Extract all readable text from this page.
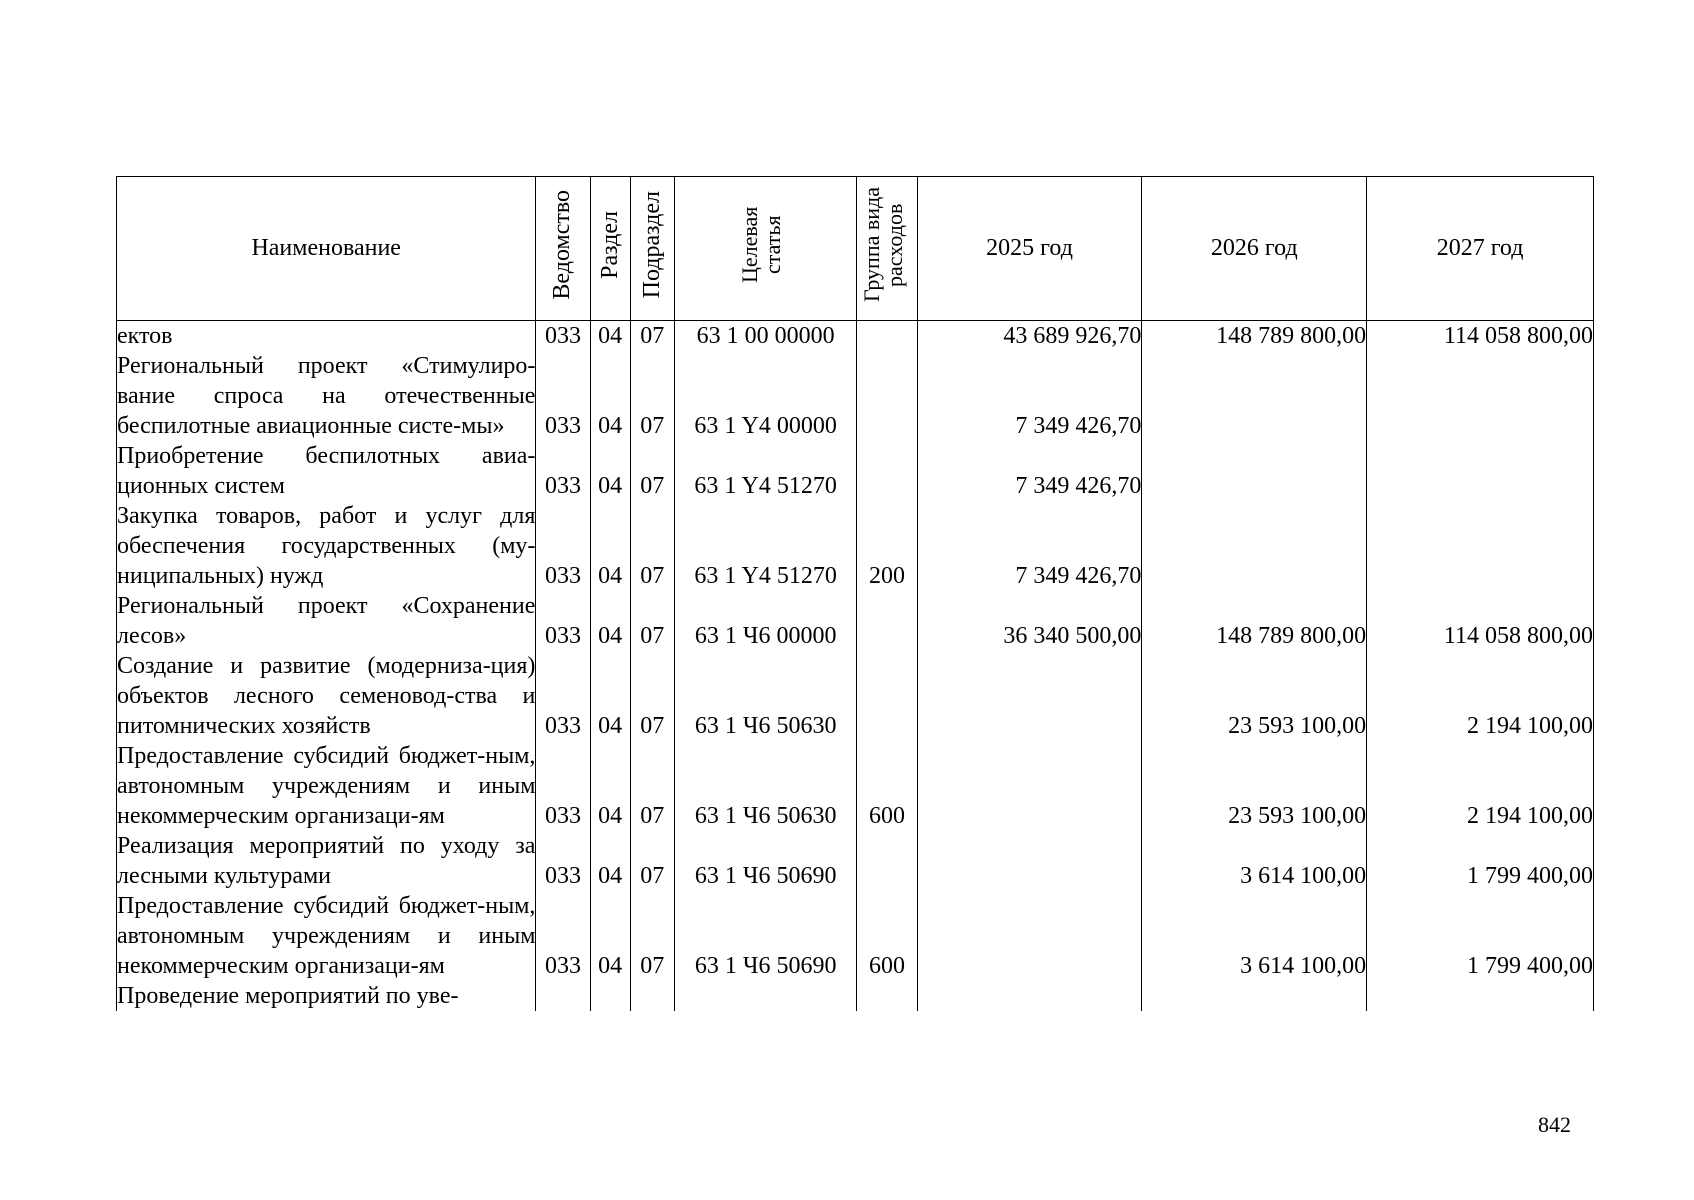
Наименование	Ведомство	Раздел	Подраздел	Целевая статья	Группа вида расходов	2025 год	2026 год	2027 год
ектов	033	04	07	63 1 00 00000		43 689 926,70	148 789 800,00	114 058 800,00
Региональный проект «Стимулиро-вание спроса на отечественные беспилотные авиационные систе-мы»	033	04	07	63 1 Y4 00000		7 349 426,70		
Приобретение беспилотных авиа-ционных систем	033	04	07	63 1 Y4 51270		7 349 426,70		
Закупка товаров, работ и услуг для обеспечения государственных (му-ниципальных) нужд	033	04	07	63 1 Y4 51270	200	7 349 426,70		
Региональный проект «Сохранение лесов»	033	04	07	63 1 Ч6 00000		36 340 500,00	148 789 800,00	114 058 800,00
Создание и развитие (модерниза-ция) объектов лесного семеновод-ства и питомнических хозяйств	033	04	07	63 1 Ч6 50630			23 593 100,00	2 194 100,00
Предоставление субсидий бюджет-ным, автономным учреждениям и иным некоммерческим организаци-ям	033	04	07	63 1 Ч6 50630	600		23 593 100,00	2 194 100,00
Реализация мероприятий по уходу за лесными культурами	033	04	07	63 1 Ч6 50690			3 614 100,00	1 799 400,00
Предоставление субсидий бюджет-ным, автономным учреждениям и иным некоммерческим организаци-ям	033	04	07	63 1 Ч6 50690	600		3 614 100,00	1 799 400,00
Проведение мероприятий по уве-								
842
